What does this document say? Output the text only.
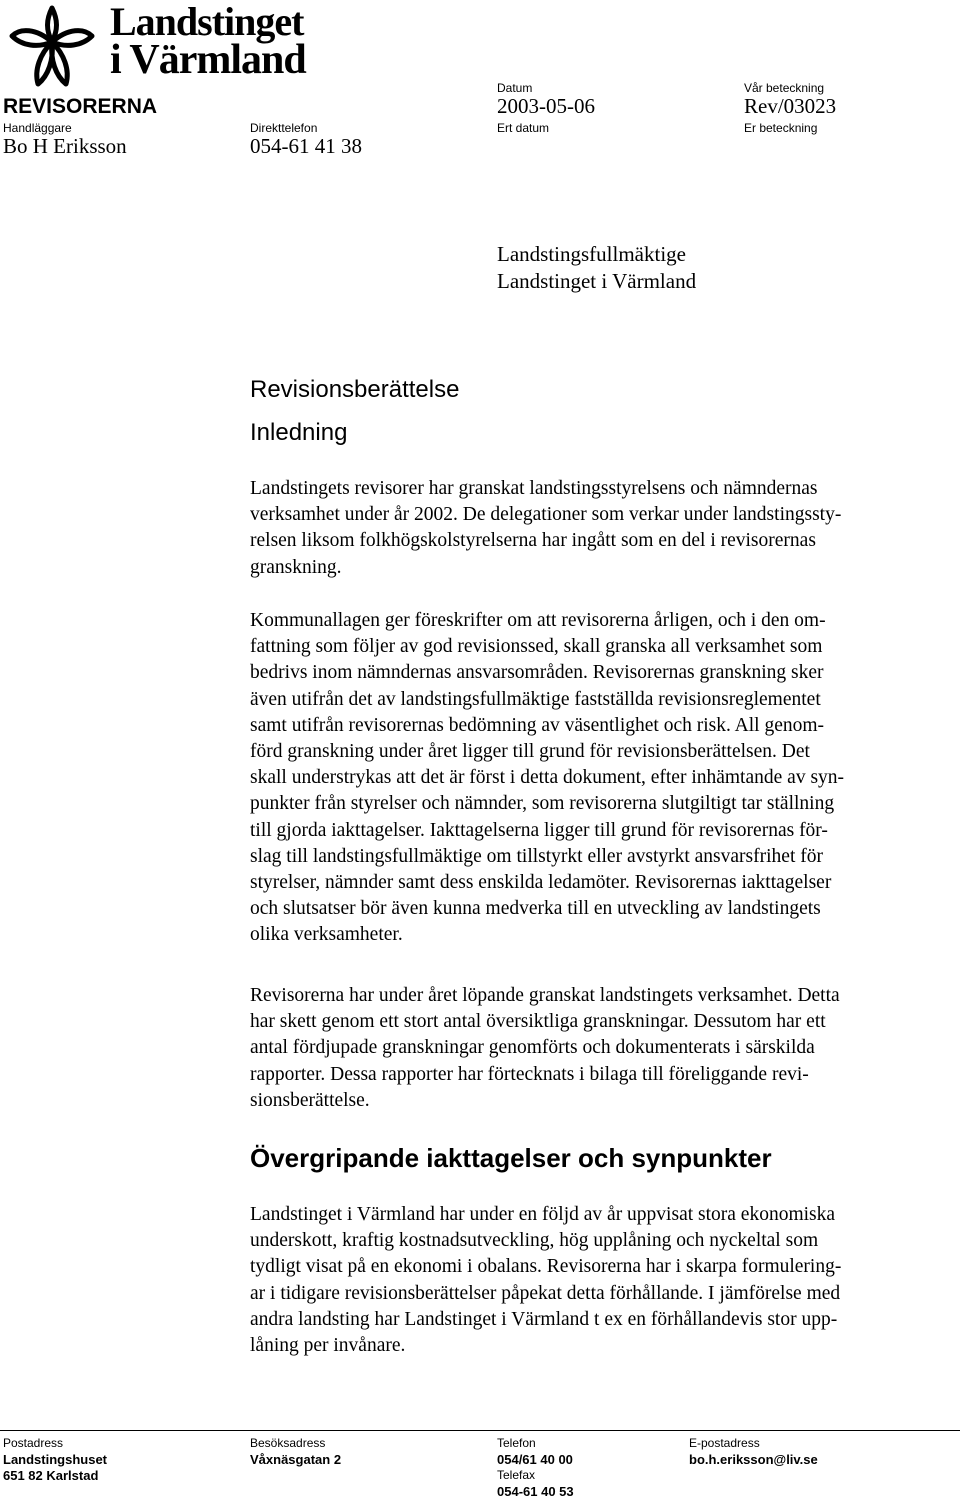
Landstinget
i Värmland
REVISORERNA
Handläggare
Bo H Eriksson
Direkttelefon
054-61 41 38
Datum
2003-05-06
Ert datum
Vår beteckning
Rev/03023
Er beteckning
Landstingsfullmäktige
Landstinget i Värmland
Revisionsberättelse
Inledning
Landstingets revisorer har granskat landstingsstyrelsens och nämndernas
verksamhet under år 2002. De delegationer som verkar under landstingssty-
relsen liksom folkhögskolstyrelserna har ingått som en del i revisorernas
granskning.
Kommunallagen ger föreskrifter om att revisorerna årligen, och i den om-
fattning som följer av god revisionssed, skall granska all verksamhet som
bedrivs inom nämndernas ansvarsområden. Revisorernas granskning sker
även utifrån det av landstingsfullmäktige fastställda revisionsreglementet
samt utifrån revisorernas bedömning av väsentlighet och risk. All genom-
förd granskning under året ligger till grund för revisionsberättelsen. Det
skall understrykas att det är först i detta dokument, efter inhämtande av syn-
punkter från styrelser och nämnder, som revisorerna slutgiltigt tar ställning
till gjorda iakttagelser. Iakttagelserna ligger till grund för revisorernas för-
slag till landstingsfullmäktige om tillstyrkt eller avstyrkt ansvarsfrihet för
styrelser, nämnder samt dess enskilda ledamöter. Revisorernas iakttagelser
och slutsatser bör även kunna medverka till en utveckling av landstingets
olika verksamheter.
Revisorerna har under året löpande granskat landstingets verksamhet. Detta
har skett genom ett stort antal översiktliga granskningar. Dessutom har ett
antal fördjupade granskningar genomförts och dokumenterats i särskilda
rapporter. Dessa rapporter har förtecknats i bilaga till föreliggande revi-
sionsberättelse.
Övergripande iakttagelser och synpunkter
Landstinget i Värmland har under en följd av år uppvisat stora ekonomiska
underskott, kraftig kostnadsutveckling, hög upplåning och nyckeltal som
tydligt visat på en ekonomi i obalans. Revisorerna har i skarpa formulering-
ar i tidigare revisionsberättelser påpekat detta förhållande. I jämförelse med
andra landsting har Landstinget i Värmland t ex en förhållandevis stor upp-
låning per invånare.
Postadress
Landstingshuset
651 82 Karlstad
Besöksadress
Våxnäsgatan 2
Telefon
054/61 40 00
Telefax
054-61 40 53
E-postadress
bo.h.eriksson@liv.se
